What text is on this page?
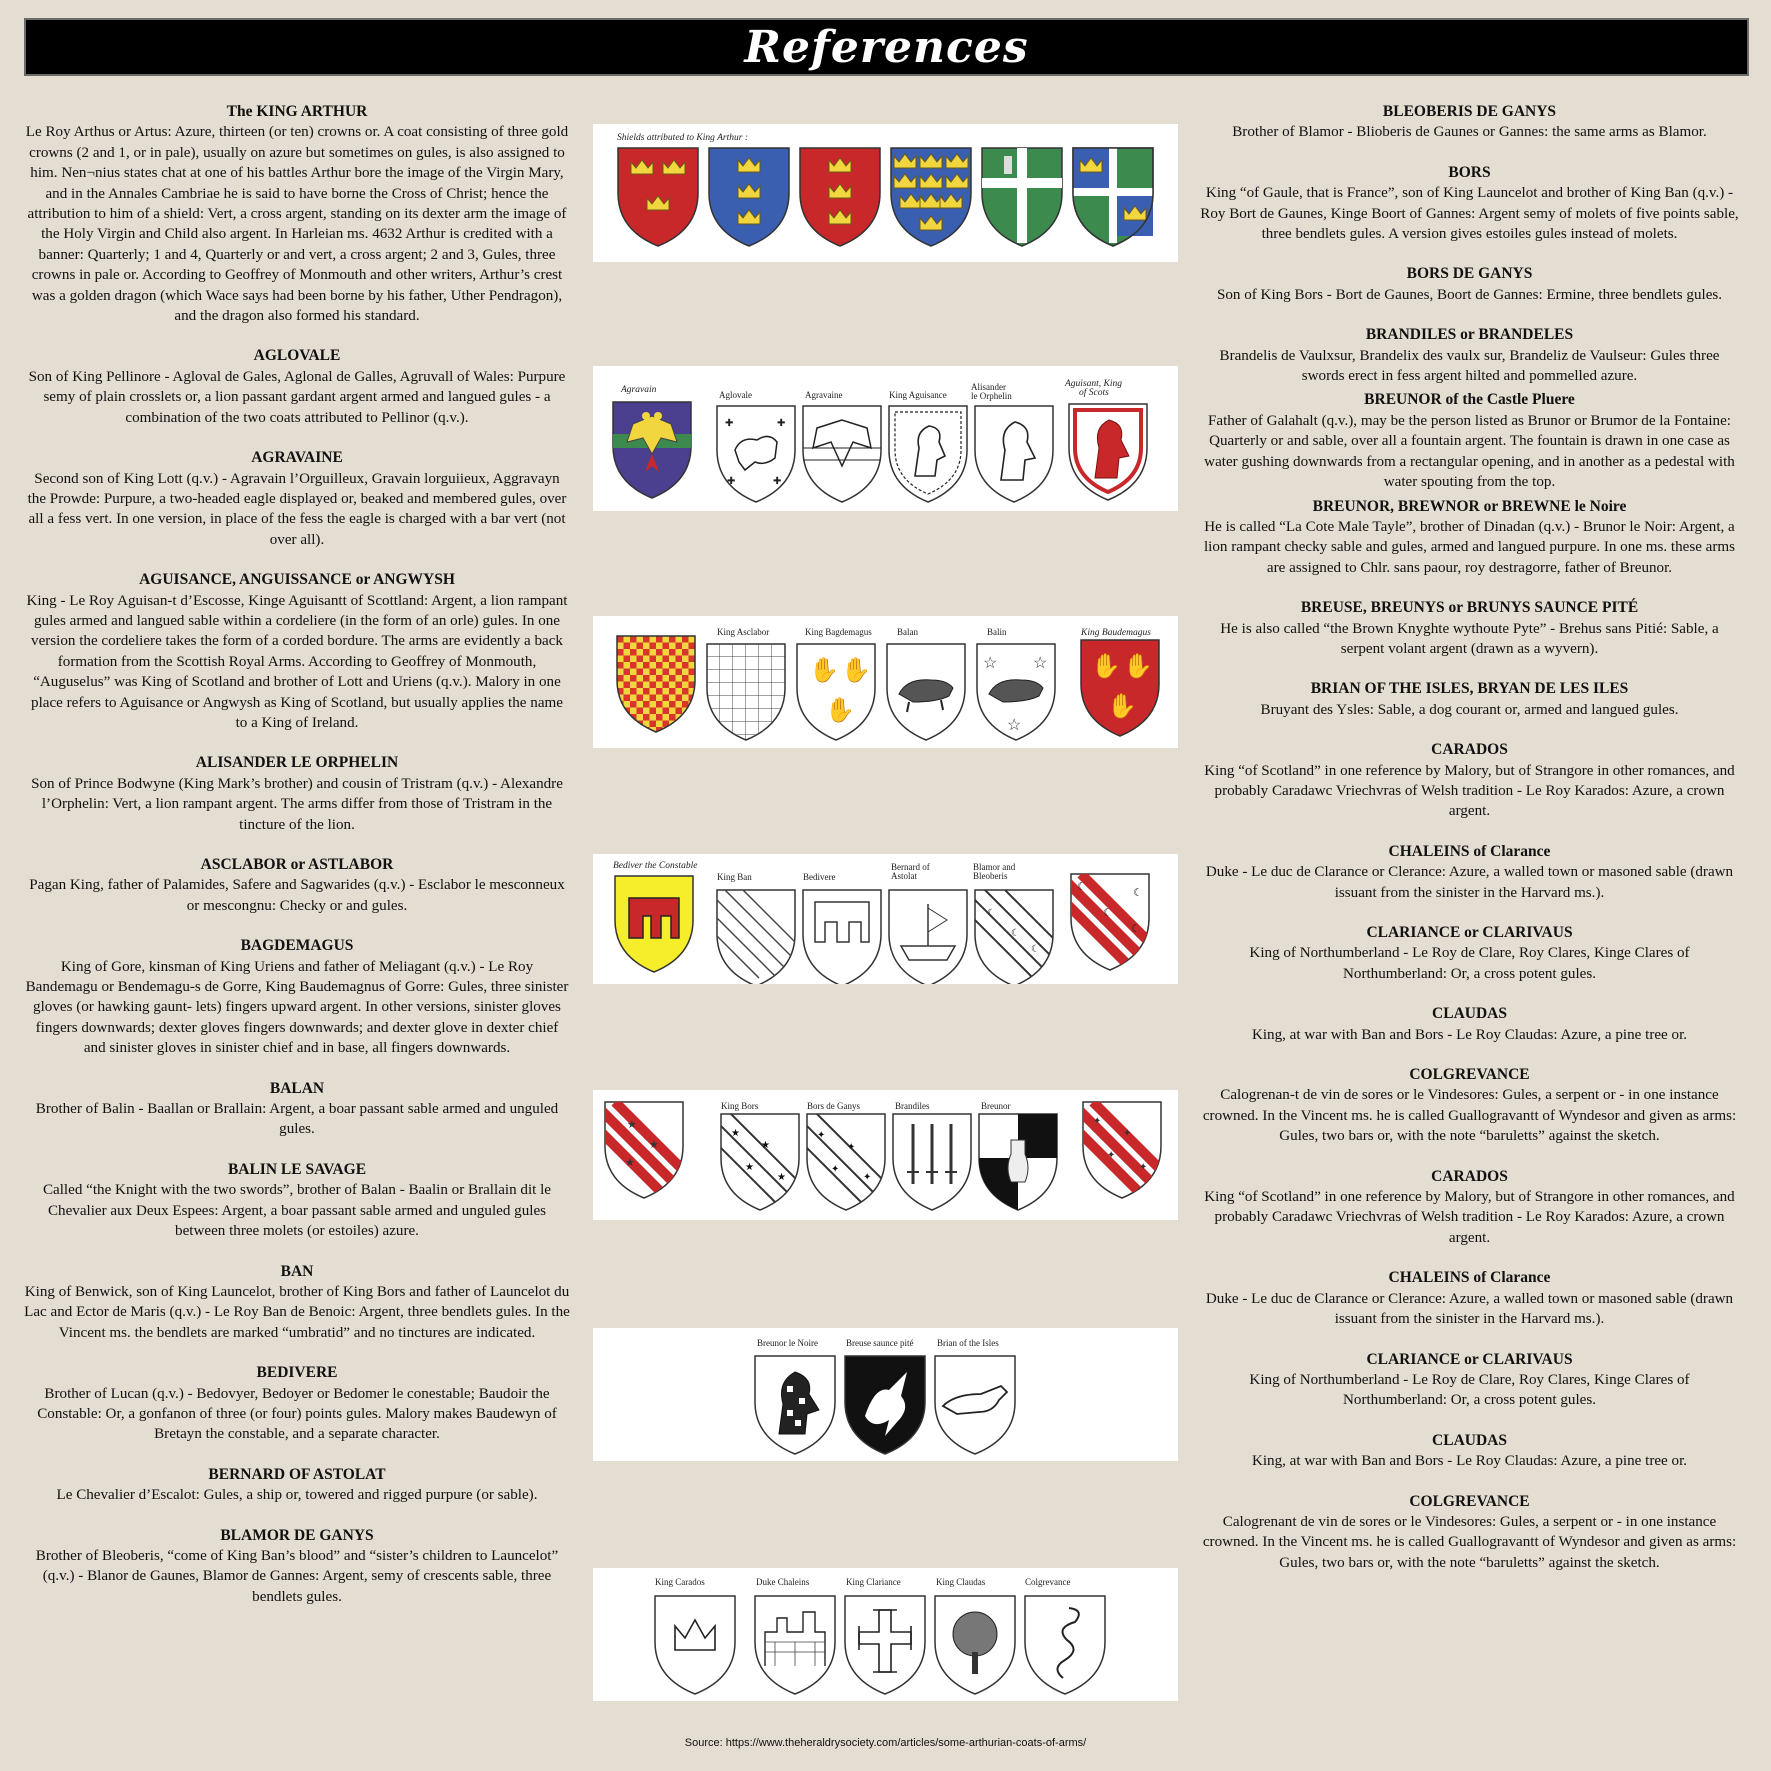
References
The KING ARTHUR

Le Roy Arthus or Artus: Azure, thirteen (or ten) crowns or. A coat consisting of three gold crowns (2 and 1, or in pale), usually on azure but sometimes on gules, is also assigned to him. Nen¬nius states chat at one of his battles Arthur bore the image of the Virgin Mary, and in the Annales Cambriae he is said to have borne the Cross of Christ; hence the attribution to him of a shield: Vert, a cross argent, standing on its dexter arm the image of the Holy Virgin and Child also argent. In Harleian ms. 4632 Arthur is credited with a banner: Quarterly; 1 and 4, Quarterly or and vert, a cross argent; 2 and 3, Gules, three crowns in pale or. According to Geoffrey of Monmouth and other writers, Arthur’s crest was a golden dragon (which Wace says had been borne by his father, Uther Pendragon), and the dragon also formed his standard.

AGLOVALE

Son of King Pellinore - Agloval de Gales, Aglonal de Galles, Agruvall of Wales: Purpure semy of plain crosslets or, a lion passant gardant argent armed and langued gules - a combination of the two coats attributed to Pellinor (q.v.).

AGRAVAINE

Second son of King Lott (q.v.) - Agravain l’Orguilleux, Gravain lorguiieux, Aggravayn the Prowde: Purpure, a two-headed eagle displayed or, beaked and membered gules, over all a fess vert. In one version, in place of the fess the eagle is charged with a bar vert (not over all).

AGUISANCE, ANGUISSANCE or ANGWYSH

King - Le Roy Aguisan-t d’Escosse, Kinge Aguisantt of Scottland: Argent, a lion rampant gules armed and langued sable within a cordeliere (in the form of an orle) gules. In one version the cordeliere takes the form of a corded bordure. The arms are evidently a back formation from the Scottish Royal Arms. According to Geoffrey of Monmouth, “Auguselus” was King of Scotland and brother of Lott and Uriens (q.v.). Malory in one place refers to Aguisance or Angwysh as King of Scotland, but usually applies the name to a King of Ireland.

ALISANDER LE ORPHELIN

Son of Prince Bodwyne (King Mark’s brother) and cousin of Tristram (q.v.) - Alexandre l’Orphelin: Vert, a lion rampant argent. The arms differ from those of Tristram in the tincture of the lion.

ASCLABOR or ASTLABOR

Pagan King, father of Palamides, Safere and Sagwarides (q.v.) - Esclabor le mesconneux or mescongnu: Checky or and gules.

BAGDEMAGUS

King of Gore, kinsman of King Uriens and father of Meliagant (q.v.) - Le Roy Bandemagu or Bendemagu-s de Gorre, King Baudemagnus of Gorre: Gules, three sinister gloves (or hawking gaunt- lets) fingers upward argent. In other versions, sinister gloves fingers downwards; dexter gloves fingers downwards; and dexter glove in dexter chief and sinister gloves in sinister chief and in base, all fingers downwards.

BALAN

Brother of Balin - Baallan or Brallain: Argent, a boar passant sable armed and unguled gules.

BALIN LE SAVAGE

Called “the Knight with the two swords”, brother of Balan - Baalin or Brallain dit le Chevalier aux Deux Espees: Argent, a boar passant sable armed and unguled gules between three molets (or estoiles) azure.

BAN

King of Benwick, son of King Launcelot, brother of King Bors and father of Launcelot du Lac and Ector de Maris (q.v.) - Le Roy Ban de Benoic: Argent, three bendlets gules. In the Vincent ms. the bendlets are marked “umbratid” and no tinctures are indicated.

BEDIVERE

Brother of Lucan (q.v.) - Bedovyer, Bedoyer or Bedomer le conestable; Baudoir the Constable: Or, a gonfanon of three (or four) points gules. Malory makes Baudewyn of Bretayn the constable, and a separate character.

BERNARD OF ASTOLAT

Le Chevalier d’Escalot: Gules, a ship or, towered and rigged purpure (or sable).

BLAMOR DE GANYS

Brother of Bleoberis, “come of King Ban’s blood” and “sister’s children to Launcelot” (q.v.) - Blanor de Gaunes, Blamor de Gannes: Argent, semy of crescents sable, three bendlets gules.

BLEOBERIS DE GANYS

Brother of Blamor - Blioberis de Gaunes or Gannes: the same arms as Blamor.

BORS

King “of Gaule, that is France”, son of King Launcelot and brother of King Ban (q.v.) - Roy Bort de Gaunes, Kinge Boort of Gannes: Argent semy of molets of five points sable, three bendlets gules. A version gives estoiles gules instead of molets.

BORS DE GANYS

Son of King Bors - Bort de Gaunes, Boort de Gannes: Ermine, three bendlets gules.

BRANDILES or BRANDELES

Brandelis de Vaulxsur, Brandelix des vaulx sur, Brandeliz de Vaulseur: Gules three swords erect in fess argent hilted and pommelled azure.

BREUNOR of the Castle Pluere

Father of Galahalt (q.v.), may be the person listed as Brunor or Brumor de la Fontaine: Quarterly or and sable, over all a fountain argent. The fountain is drawn in one case as water gushing downwards from a rectangular opening, and in another as a pedestal with water spouting from the top.

BREUNOR, BREWNOR or BREWNE le Noire

He is called “La Cote Male Tayle”, brother of Dinadan (q.v.) - Brunor le Noir: Argent, a lion rampant checky sable and gules, armed and langued purpure. In one ms. these arms are assigned to Chlr. sans paour, roy destragorre, father of Breunor.

BREUSE, BREUNYS or BRUNYS SAUNCE PITÉ

He is also called “the Brown Knyghte wythoute Pyte” - Brehus sans Pitié: Sable, a serpent volant argent (drawn as a wyvern).

BRIAN OF THE ISLES, BRYAN DE LES ILES

Bruyant des Ysles: Sable, a dog courant or, armed and langued gules.

CARADOS

King “of Scotland” in one reference by Malory, but of Strangore in other romances, and probably Caradawc Vriechvras of Welsh tradition - Le Roy Karados: Azure, a crown argent.

CHALEINS of Clarance

Duke - Le duc de Clarance or Clerance: Azure, a walled town or masoned sable (drawn issuant from the sinister in the Harvard ms.).

CLARIANCE or CLARIVAUS

King of Northumberland - Le Roy de Clare, Roy Clares, Kinge Clares of Northumberland: Or, a cross potent gules.

CLAUDAS

King, at war with Ban and Bors - Le Roy Claudas: Azure, a pine tree or.

COLGREVANCE

Calogrenan-t de vin de sores or le Vindesores: Gules, a serpent or - in one instance crowned. In the Vincent ms. he is called Guallogravantt of Wyndesor and given as arms: Gules, two bars or, with the note “baruletts” against the sketch.

CARADOS

King “of Scotland” in one reference by Malory, but of Strangore in other romances, and probably Caradawc Vriechvras of Welsh tradition - Le Roy Karados: Azure, a crown argent.

CHALEINS of Clarance

Duke - Le duc de Clarance or Clerance: Azure, a walled town or masoned sable (drawn issuant from the sinister in the Harvard ms.).

CLARIANCE or CLARIVAUS

King of Northumberland - Le Roy de Clare, Roy Clares, Kinge Clares of Northumberland: Or, a cross potent gules.

CLAUDAS

King, at war with Ban and Bors - Le Roy Claudas: Azure, a pine tree or.

COLGREVANCE

Calogrenant de vin de sores or le Vindesores: Gules, a serpent or - in one instance crowned. In the Vincent ms. he is called Guallogravantt of Wyndesor and given as arms: Gules, two bars or, with the note “baruletts” against the sketch.

Shields attributed to King Arthur :
Agravain	Aglovale	Agravaine	King Aguisance
Alisander
le Orphelin
Aguisant, King
of Scots
✚	✚
✚	✚
King Asclabor	King Bagdemagus	Balan	Balin	King Baudemagus
✋ ✋
✋
☆ ☆
☆
✋ ✋
✋
Bediver the Constable
King Ban	Bedivere
Bernard of
Astolat
Blamor and
Bleoberis
☾
☾
☾
☾	☾
☾
☾
King Bors	Bors de Ganys	Brandiles	Breunor
★
★
★
★
★
★
★
✦
✦
✦
✦
✦
✦
✦
✦
Breunor le Noire	Breuse saunce pité	Brian of the Isles
King Carados	Duke Chaleins	King Clariance	King Claudas	Colgrevance
Source: https://www.theheraldrysociety.com/articles/some-arthurian-coats-of-arms/
